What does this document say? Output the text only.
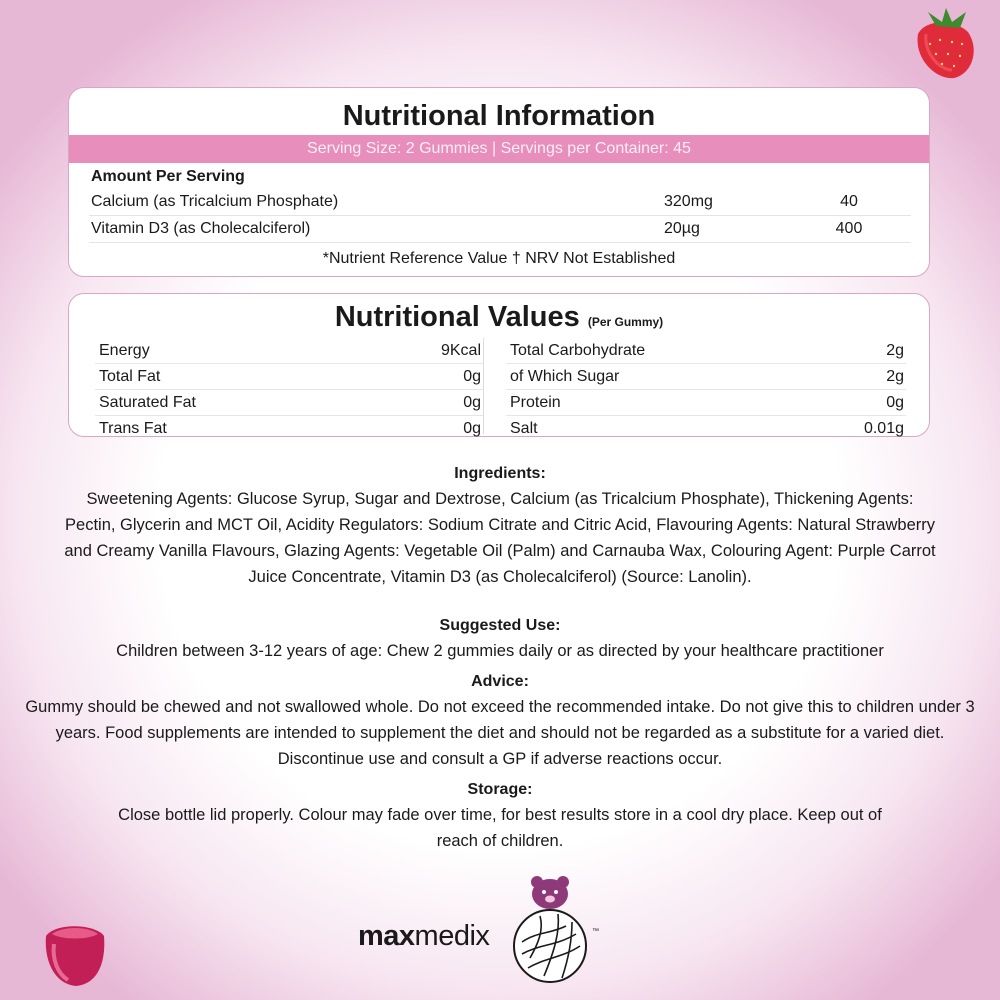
Nutritional Information
Serving Size: 2 Gummies | Servings per Container: 45
Amount Per Serving
Calcium (as Tricalcium Phosphate)	320mg	40
Vitamin D3 (as Cholecalciferol)	20µg	400
*Nutrient Reference Value † NRV Not Established
Nutritional Values (Per Gummy)
Energy	9Kcal
Total Fat	0g
Saturated Fat	0g
Trans Fat	0g
Total Carbohydrate	2g
of Which Sugar	2g
Protein	0g
Salt	0.01g
Ingredients:

Sweetening Agents: Glucose Syrup, Sugar and Dextrose, Calcium (as Tricalcium Phosphate), Thickening Agents: Pectin, Glycerin and MCT Oil, Acidity Regulators: Sodium Citrate and Citric Acid, Flavouring Agents: Natural Strawberry and Creamy Vanilla Flavours, Glazing Agents: Vegetable Oil (Palm) and Carnauba Wax, Colouring Agent: Purple Carrot Juice Concentrate, Vitamin D3 (as Cholecalciferol) (Source: Lanolin).

Suggested Use:

Children between 3-12 years of age: Chew 2 gummies daily or as directed by your healthcare practitioner

Advice:

Gummy should be chewed and not swallowed whole. Do not exceed the recommended intake. Do not give this to children under 3 years. Food supplements are intended to supplement the diet and should not be regarded as a substitute for a varied diet. Discontinue use and consult a GP if adverse reactions occur.

Storage:

Close bottle lid properly. Colour may fade over time, for best results store in a cool dry place. Keep out of reach of children.

maxmedix	™
